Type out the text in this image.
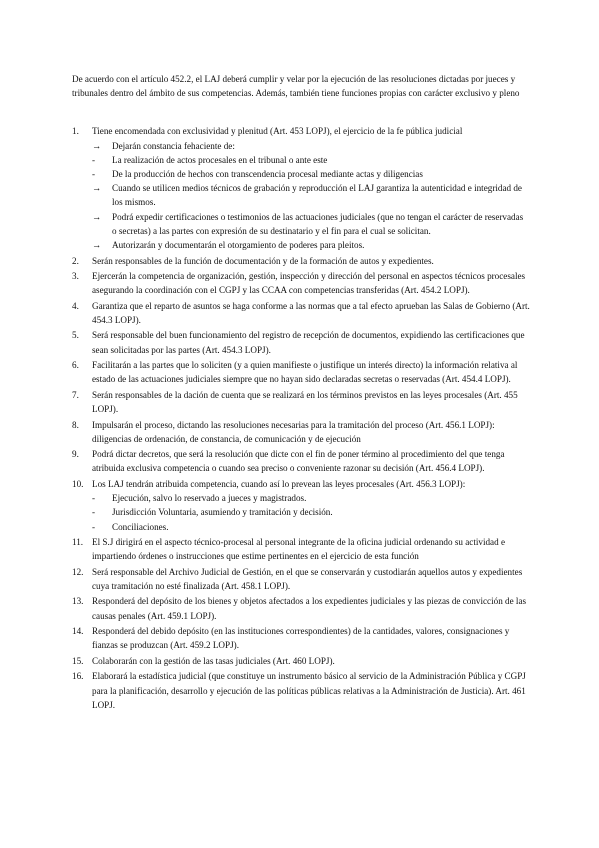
De acuerdo con el artículo 452.2, el LAJ deberá cumplir y velar por la ejecución de las resoluciones dictadas por jueces y tribunales dentro del ámbito de sus competencias. Además, también tiene funciones propias con carácter exclusivo y pleno

1. Tiene encomendada con exclusividad y plenitud (Art. 453 LOPJ), el ejercicio de la fe pública judicial
→ Dejarán constancia fehaciente de:
- La realización de actos procesales en el tribunal o ante este
- De la producción de hechos con transcendencia procesal mediante actas y diligencias
→ Cuando se utilicen medios técnicos de grabación y reproducción el LAJ garantiza la autenticidad e integridad de los mismos.
→ Podrá expedir certificaciones o testimonios de las actuaciones judiciales (que no tengan el carácter de reservadas o secretas) a las partes con expresión de su destinatario y el fin para el cual se solicitan.
→ Autorizarán y documentarán el otorgamiento de poderes para pleitos.
2. Serán responsables de la función de documentación y de la formación de autos y expedientes.
3. Ejercerán la competencia de organización, gestión, inspección y dirección del personal en aspectos técnicos procesales asegurando la coordinación con el CGPJ y las CCAA con competencias transferidas (Art. 454.2 LOPJ).
4. Garantiza que el reparto de asuntos se haga conforme a las normas que a tal efecto aprueban las Salas de Gobierno (Art. 454.3 LOPJ).
5. Será responsable del buen funcionamiento del registro de recepción de documentos, expidiendo las certificaciones que sean solicitadas por las partes (Art. 454.3 LOPJ).
6. Facilitarán a las partes que lo soliciten (y a quien manifieste o justifique un interés directo) la información relativa al estado de las actuaciones judiciales siempre que no hayan sido declaradas secretas o reservadas (Art. 454.4 LOPJ).
7. Serán responsables de la dación de cuenta que se realizará en los términos previstos en las leyes procesales (Art. 455 LOPJ).
8. Impulsarán el proceso, dictando las resoluciones necesarias para la tramitación del proceso (Art. 456.1 LOPJ): diligencias de ordenación, de constancia, de comunicación y de ejecución
9. Podrá dictar decretos, que será la resolución que dicte con el fin de poner término al procedimiento del que tenga atribuida exclusiva competencia o cuando sea preciso o conveniente razonar su decisión (Art. 456.4 LOPJ).
10. Los LAJ tendrán atribuida competencia, cuando así lo prevean las leyes procesales (Art. 456.3 LOPJ):
- Ejecución, salvo lo reservado a jueces y magistrados.
- Jurisdicción Voluntaria, asumiendo y tramitación y decisión.
- Conciliaciones.
11. El S.J dirigirá en el aspecto técnico-procesal al personal integrante de la oficina judicial ordenando su actividad e impartiendo órdenes o instrucciones que estime pertinentes en el ejercicio de esta función
12. Será responsable del Archivo Judicial de Gestión, en el que se conservarán y custodiarán aquellos autos y expedientes cuya tramitación no esté finalizada (Art. 458.1 LOPJ).
13. Responderá del depósito de los bienes y objetos afectados a los expedientes judiciales y las piezas de convicción de las causas penales (Art. 459.1 LOPJ).
14. Responderá del debido depósito (en las instituciones correspondientes) de la cantidades, valores, consignaciones y fianzas se produzcan (Art. 459.2 LOPJ).
15. Colaborarán con la gestión de las tasas judiciales (Art. 460 LOPJ).
16. Elaborará la estadística judicial (que constituye un instrumento básico al servicio de la Administración Pública y CGPJ para la planificación, desarrollo y ejecución de las políticas públicas relativas a la Administración de Justicia). Art. 461 LOPJ.
